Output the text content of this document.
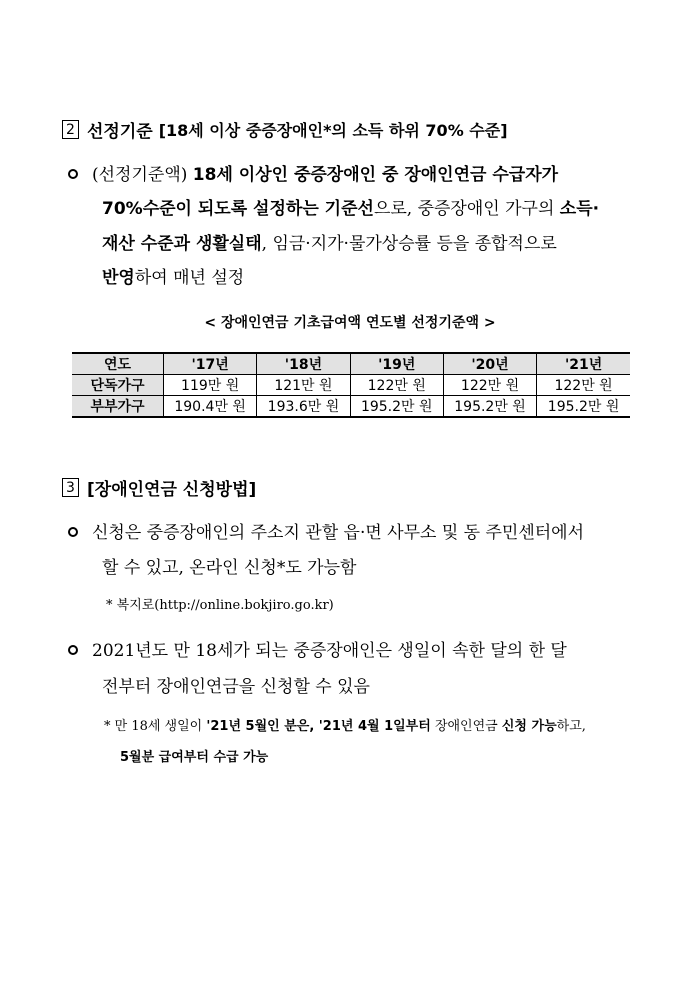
2 선정기준 [18세 이상 중증장애인*의 소득 하위 70% 수준]
(선정기준액) 18세 이상인 중증장애인 중 장애인연금 수급자가
70%수준이 되도록 설정하는 기준선으로, 중증장애인 가구의 소득·
재산 수준과 생활실태, 임금·지가·물가상승률 등을 종합적으로
반영하여 매년 설정
< 장애인연금 기초급여액 연도별 선정기준액 >
연도	'17년	'18년	'19년	'20년	'21년
단독가구	119만 원	121만 원	122만 원	122만 원	122만 원
부부가구	190.4만 원	193.6만 원	195.2만 원	195.2만 원	195.2만 원
3 [장애인연금 신청방법]
신청은 중증장애인의 주소지 관할 읍·면 사무소 및 동 주민센터에서
할 수 있고, 온라인 신청*도 가능함
* 복지로(http://online.bokjiro.go.kr)
2021년도 만 18세가 되는 중증장애인은 생일이 속한 달의 한 달
전부터 장애인연금을 신청할 수 있음
* 만 18세 생일이 '21년 5월인 분은, '21년 4월 1일부터 장애인연금 신청 가능하고,
5월분 급여부터 수급 가능
